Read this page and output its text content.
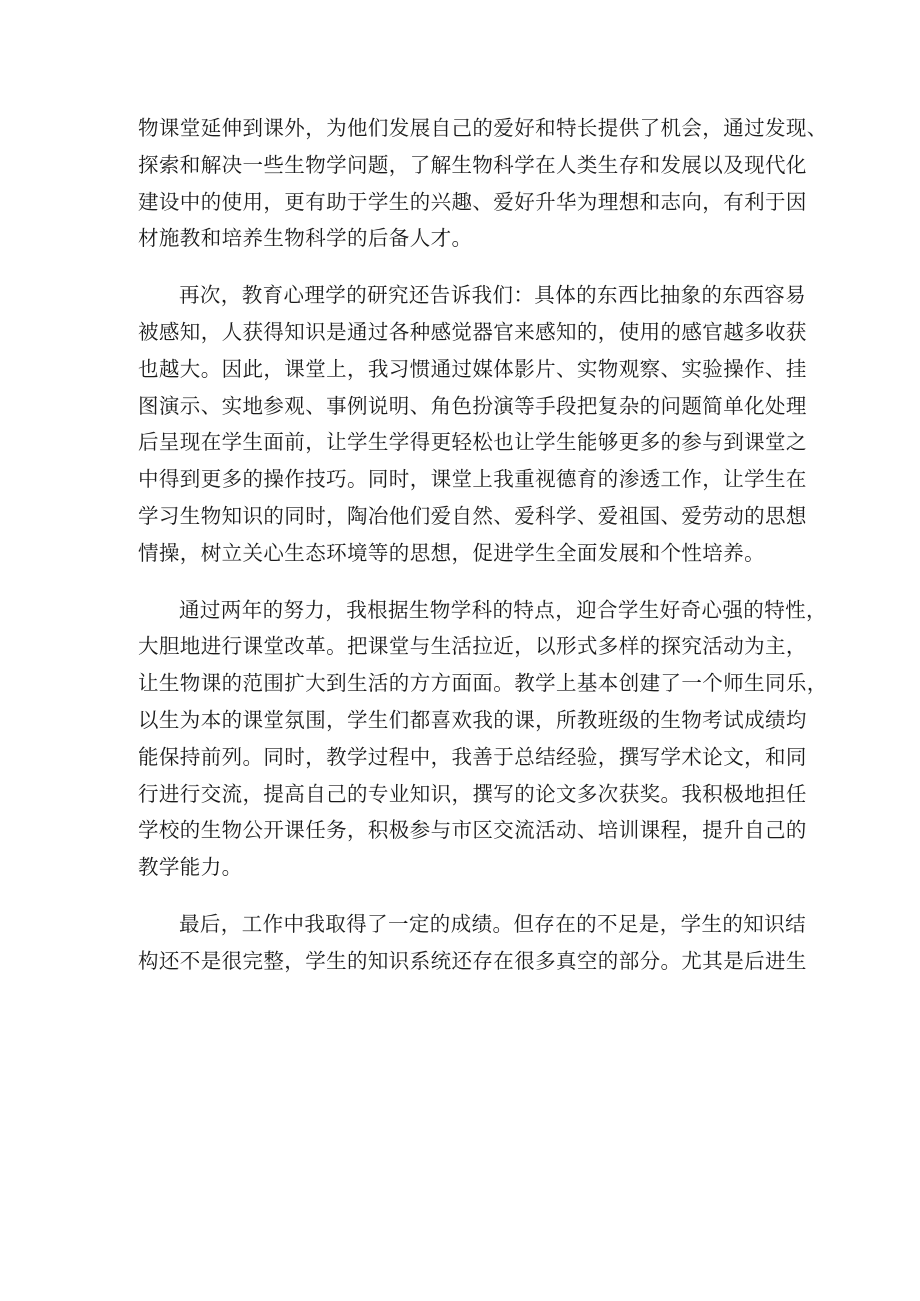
物课堂延伸到课外，为他们发展自己的爱好和特长提供了机会，通过发现、
探索和解决一些生物学问题，了解生物科学在人类生存和发展以及现代化
建设中的使用，更有助于学生的兴趣、爱好升华为理想和志向，有利于因
材施教和培养生物科学的后备人才。
再次，教育心理学的研究还告诉我们：具体的东西比抽象的东西容易
被感知，人获得知识是通过各种感觉器官来感知的，使用的感官越多收获
也越大。因此，课堂上，我习惯通过媒体影片、实物观察、实验操作、挂
图演示、实地参观、事例说明、角色扮演等手段把复杂的问题简单化处理
后呈现在学生面前，让学生学得更轻松也让学生能够更多的参与到课堂之
中得到更多的操作技巧。同时，课堂上我重视德育的渗透工作，让学生在
学习生物知识的同时，陶冶他们爱自然、爱科学、爱祖国、爱劳动的思想
情操，树立关心生态环境等的思想，促进学生全面发展和个性培养。
通过两年的努力，我根据生物学科的特点，迎合学生好奇心强的特性，
大胆地进行课堂改革。把课堂与生活拉近，以形式多样的探究活动为主，
让生物课的范围扩大到生活的方方面面。教学上基本创建了一个师生同乐，
以生为本的课堂氛围，学生们都喜欢我的课，所教班级的生物考试成绩均
能保持前列。同时，教学过程中，我善于总结经验，撰写学术论文，和同
行进行交流，提高自己的专业知识，撰写的论文多次获奖。我积极地担任
学校的生物公开课任务，积极参与市区交流活动、培训课程，提升自己的
教学能力。
最后，工作中我取得了一定的成绩。但存在的不足是，学生的知识结
构还不是很完整，学生的知识系统还存在很多真空的部分。尤其是后进生
